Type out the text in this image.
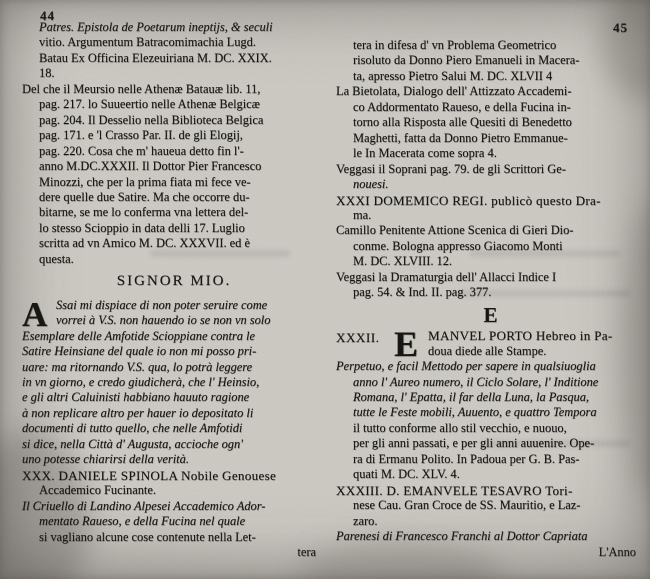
44
45
Patres. Epistola de Poetarum ineptijs, & seculi
vitio. Argumentum Batracomimachia Lugd.
Batau Ex Officina Elezeuiriana M. DC. XXIX.
18.
Del che il Meursio nelle Athenæ Batauæ lib. 11,
pag. 217. lo Suueertio nelle Athenæ Belgicæ
pag. 204. Il Desselio nella Biblioteca Belgica
pag. 171. e 'l Crasso Par. II. de gli Elogij,
pag. 220. Cosa che m' haueua detto fin l'-
anno M.DC.XXXII. Il Dottor Pier Francesco
Minozzi, che per la prima fiata mi fece ve-
dere quelle due Satire. Ma che occorre du-
bitarne, se me lo conferma vna lettera del-
lo stesso Scioppio in data delli 17. Luglio
scritta ad vn Amico M. DC. XXXVII. ed è
questa.
SIGNOR MIO.
A Ssai mi dispiace di non poter seruire come
vorrei à V.S. non hauendo io se non vn solo
Esemplare delle Amfotide Scioppiane contra le
Satire Heinsiane del quale io non mi posso pri-
uare: ma ritornando V.S. qua, lo potrà leggere
in vn giorno, e credo giudicherà, che l' Heinsio,
e gli altri Caluinisti habbiano hauuto ragione
à non replicare altro per hauer io depositato li
documenti di tutto quello, che nelle Amfotidi
si dice, nella Città d' Augusta, accioche ogn'
uno potesse chiarirsi della verità.
XXX. DANIELE SPINOLA Nobile Genouese
Accademico Fucinante.
Il Criuello di Landino Alpesei Accademico Ador-
mentato Raueso, e della Fucina nel quale
si vagliano alcune cose contenute nella Let-
tera
tera in difesa d' vn Problema Geometrico
risoluto da Donno Piero Emanueli in Macera-
ta, apresso Pietro Salui M. DC. XLVII 4
La Bietolata, Dialogo dell' Attizzato Accademi-
co Addormentato Raueso, e della Fucina in-
torno alla Risposta alle Quesiti di Benedetto
Maghetti, fatta da Donno Pietro Emmanue-
le In Macerata come sopra 4.
Veggasi il Soprani pag. 79. de gli Scrittori Ge-
nouesi.
XXXI DOMEMICO REGI. publicò questo Dra-
ma.
Camillo Penitente Attione Scenica di Gieri Dio-
conme. Bologna appresso Giacomo Monti
M. DC. XLVIII. 12.
Veggasi la Dramaturgia dell' Allacci Indice I
pag. 54. & Ind. II. pag. 377.
E
XXXII. E MANVEL PORTO Hebreo in Pa-
doua diede alle Stampe.
Perpetuo, e facil Mettodo per sapere in qualsiuoglia
anno l' Aureo numero, il Ciclo Solare, l' Inditione
Romana, l' Epatta, il far della Luna, la Pasqua,
tutte le Feste mobili, Auuento, e quattro Tempora
il tutto conforme allo stil vecchio, e nuouo,
per gli anni passati, e per gli anni auuenire. Ope-
ra di Ermanu Polito. In Padoua per G. B. Pas-
quati M. DC. XLV. 4.
XXXIII. D. EMANVELE TESAVRO Tori-
nese Cau. Gran Croce de SS. Mauritio, e Laz-
zaro.
Parenesi di Francesco Franchi al Dottor Capriata
L'Anno
